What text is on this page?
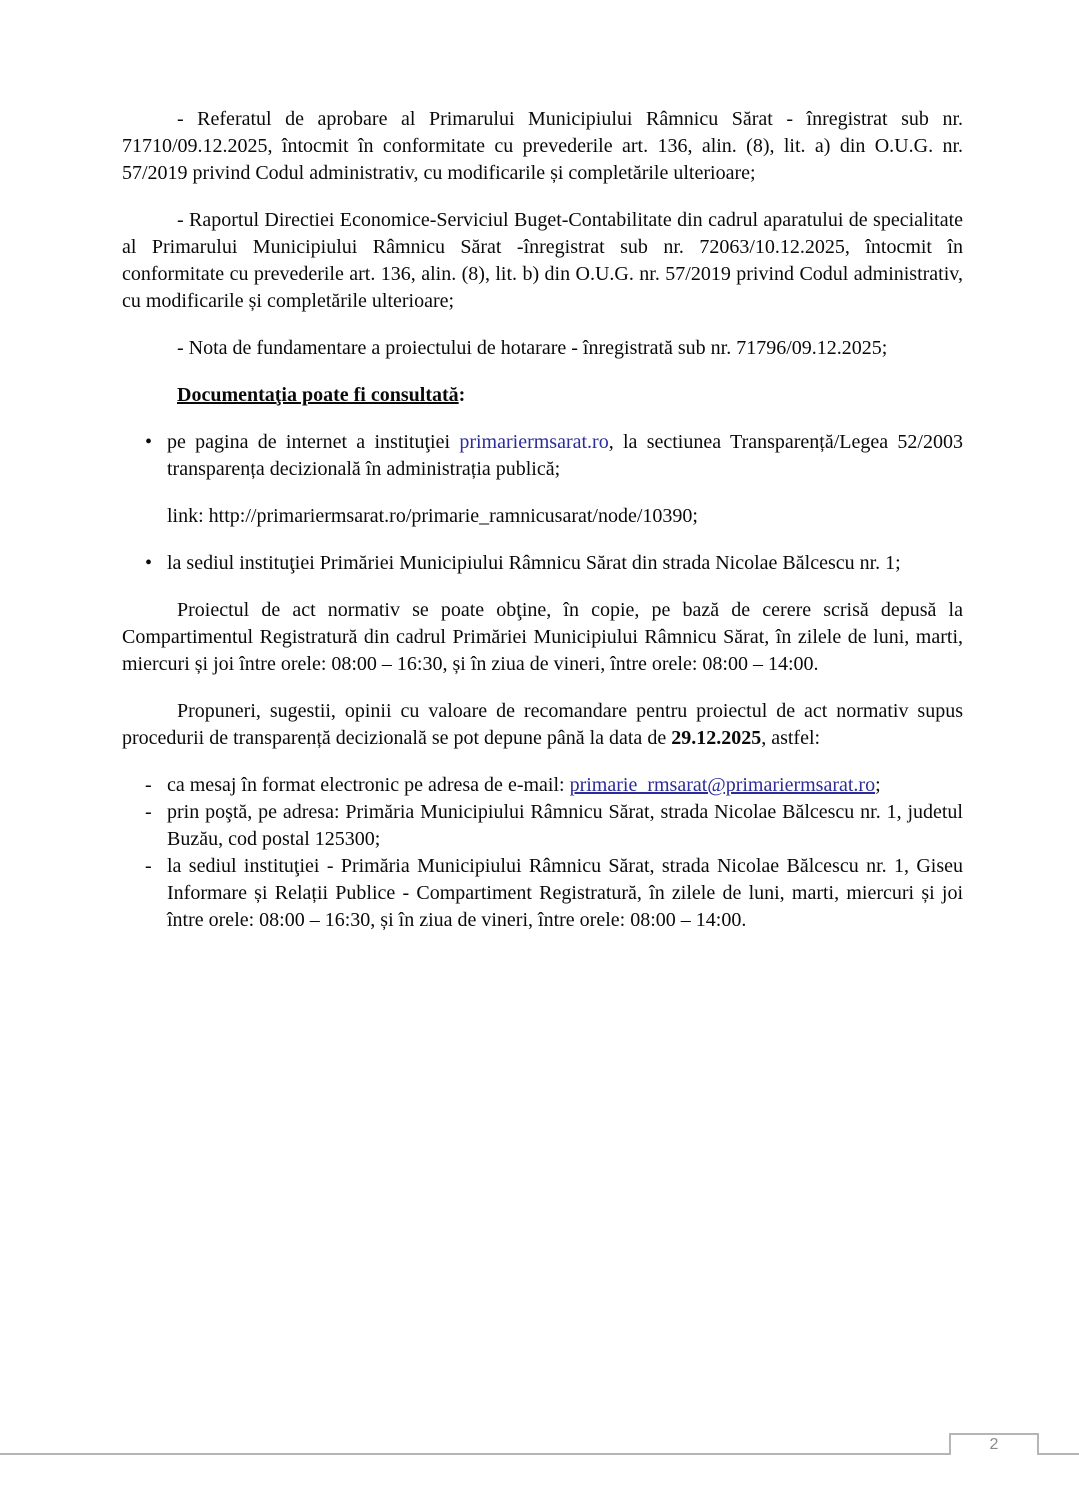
- Referatul de aprobare al Primarului Municipiului Râmnicu Sărat - înregistrat sub nr. 71710/09.12.2025, întocmit în conformitate cu prevederile art. 136, alin. (8), lit. a) din O.U.G. nr. 57/2019 privind Codul administrativ, cu modificarile și completările ulterioare;

- Raportul Directiei Economice-Serviciul Buget-Contabilitate din cadrul aparatului de specialitate al Primarului Municipiului Râmnicu Sărat -înregistrat sub nr. 72063/10.12.2025, întocmit în conformitate cu prevederile art. 136, alin. (8), lit. b) din O.U.G. nr. 57/2019 privind Codul administrativ, cu modificarile și completările ulterioare;

- Nota de fundamentare a proiectului de hotarare - înregistrată sub nr. 71796/09.12.2025;

Documentaţia poate fi consultată:

• pe pagina de internet a instituţiei primariermsarat.ro, la sectiunea Transparență/Legea 52/2003 transparența decizională în administrația publică;

link: http://primariermsarat.ro/primarie_ramnicusarat/node/10390;

• la sediul instituţiei Primăriei Municipiului Râmnicu Sărat din strada Nicolae Bălcescu nr. 1;

Proiectul de act normativ se poate obţine, în copie, pe bază de cerere scrisă depusă la Compartimentul Registratură din cadrul Primăriei Municipiului Râmnicu Sărat, în zilele de luni, marti, miercuri și joi între orele: 08:00 – 16:30, și în ziua de vineri, între orele: 08:00 – 14:00.

Propuneri, sugestii, opinii cu valoare de recomandare pentru proiectul de act normativ supus procedurii de transparență decizională se pot depune până la data de 29.12.2025, astfel:

- ca mesaj în format electronic pe adresa de e-mail: primarie_rmsarat@primariermsarat.ro;
- prin poştă, pe adresa: Primăria Municipiului Râmnicu Sărat, strada Nicolae Bălcescu nr. 1, judetul Buzău, cod postal 125300;
- la sediul instituţiei - Primăria Municipiului Râmnicu Sărat, strada Nicolae Bălcescu nr. 1, Giseu Informare și Relații Publice - Compartiment Registratură, în zilele de luni, marti, miercuri și joi între orele: 08:00 – 16:30, și în ziua de vineri, între orele: 08:00 – 14:00.
2
